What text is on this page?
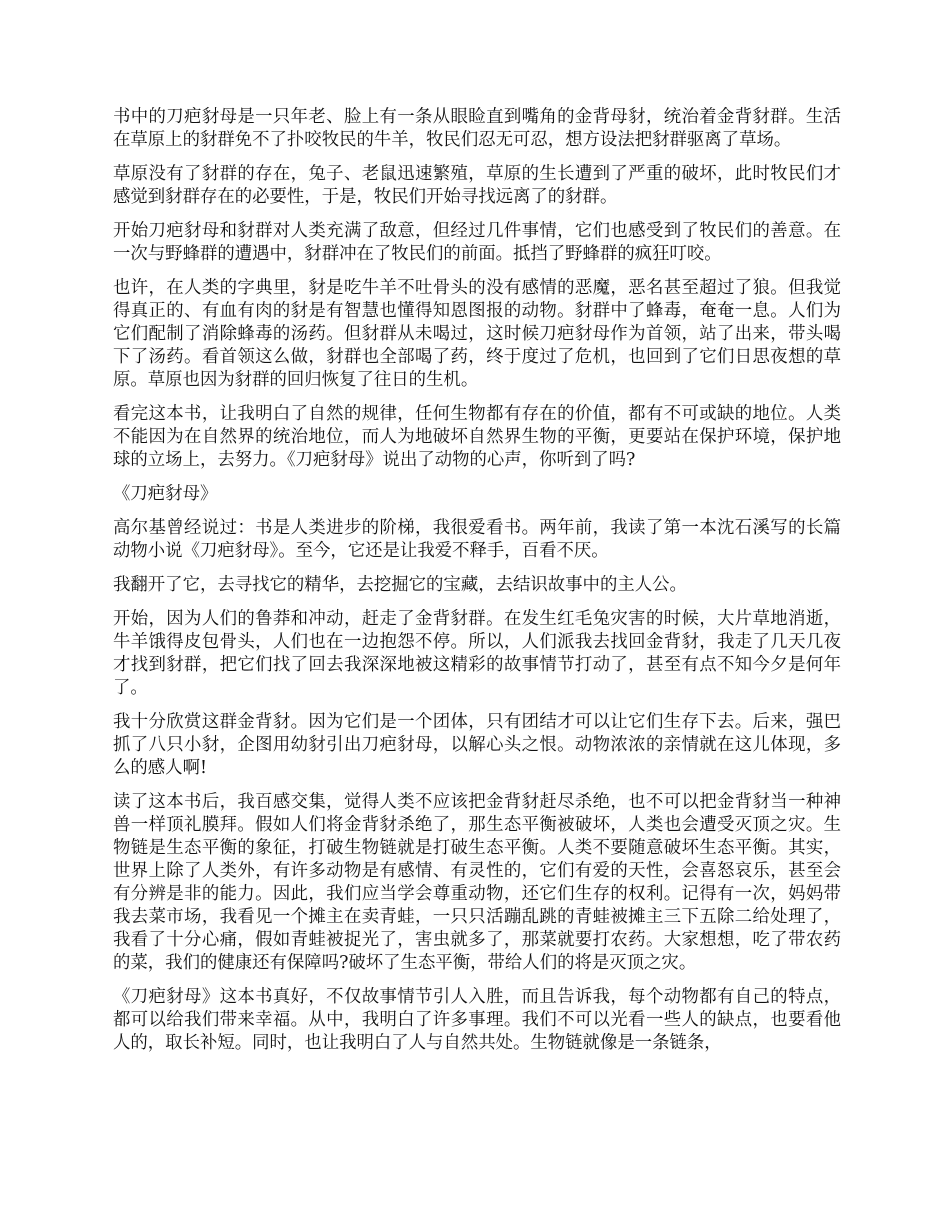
书中的刀疤豺母是一只年老、脸上有一条从眼睑直到嘴角的金背母豺，统治着金背豺群。生活在草原上的豺群免不了扑咬牧民的牛羊，牧民们忍无可忍，想方设法把豺群驱离了草场。

草原没有了豺群的存在，兔子、老鼠迅速繁殖，草原的生长遭到了严重的破坏，此时牧民们才感觉到豺群存在的必要性，于是，牧民们开始寻找远离了的豺群。

开始刀疤豺母和豺群对人类充满了敌意，但经过几件事情，它们也感受到了牧民们的善意。在一次与野蜂群的遭遇中，豺群冲在了牧民们的前面。抵挡了野蜂群的疯狂叮咬。

也许，在人类的字典里，豺是吃牛羊不吐骨头的没有感情的恶魔，恶名甚至超过了狼。但我觉得真正的、有血有肉的豺是有智慧也懂得知恩图报的动物。豺群中了蜂毒，奄奄一息。人们为它们配制了消除蜂毒的汤药。但豺群从未喝过，这时候刀疤豺母作为首领，站了出来，带头喝下了汤药。看首领这么做，豺群也全部喝了药，终于度过了危机，也回到了它们日思夜想的草原。草原也因为豺群的回归恢复了往日的生机。

看完这本书，让我明白了自然的规律，任何生物都有存在的价值，都有不可或缺的地位。人类不能因为在自然界的统治地位，而人为地破坏自然界生物的平衡，更要站在保护环境，保护地球的立场上，去努力。《刀疤豺母》说出了动物的心声，你听到了吗?

《刀疤豺母》

高尔基曾经说过：书是人类进步的阶梯，我很爱看书。两年前，我读了第一本沈石溪写的长篇动物小说《刀疤豺母》。至今，它还是让我爱不释手，百看不厌。

我翻开了它，去寻找它的精华，去挖掘它的宝藏，去结识故事中的主人公。

开始，因为人们的鲁莽和冲动，赶走了金背豺群。在发生红毛兔灾害的时候，大片草地消逝，牛羊饿得皮包骨头，人们也在一边抱怨不停。所以，人们派我去找回金背豺，我走了几天几夜才找到豺群，把它们找了回去我深深地被这精彩的故事情节打动了，甚至有点不知今夕是何年了。

我十分欣赏这群金背豺。因为它们是一个团体，只有团结才可以让它们生存下去。后来，强巴抓了八只小豺，企图用幼豺引出刀疤豺母，以解心头之恨。动物浓浓的亲情就在这儿体现，多么的感人啊!

读了这本书后，我百感交集，觉得人类不应该把金背豺赶尽杀绝，也不可以把金背豺当一种神兽一样顶礼膜拜。假如人们将金背豺杀绝了，那生态平衡被破坏，人类也会遭受灭顶之灾。生物链是生态平衡的象征，打破生物链就是打破生态平衡。人类不要随意破坏生态平衡。其实，世界上除了人类外，有许多动物是有感情、有灵性的，它们有爱的天性，会喜怒哀乐，甚至会有分辨是非的能力。因此，我们应当学会尊重动物，还它们生存的权利。记得有一次，妈妈带我去菜市场，我看见一个摊主在卖青蛙，一只只活蹦乱跳的青蛙被摊主三下五除二给处理了，我看了十分心痛，假如青蛙被捉光了，害虫就多了，那菜就要打农药。大家想想，吃了带农药的菜，我们的健康还有保障吗?破坏了生态平衡，带给人们的将是灭顶之灾。

《刀疤豺母》这本书真好，不仅故事情节引人入胜，而且告诉我，每个动物都有自己的特点，都可以给我们带来幸福。从中，我明白了许多事理。我们不可以光看一些人的缺点，也要看他人的，取长补短。同时，也让我明白了人与自然共处。生物链就像是一条链条，
